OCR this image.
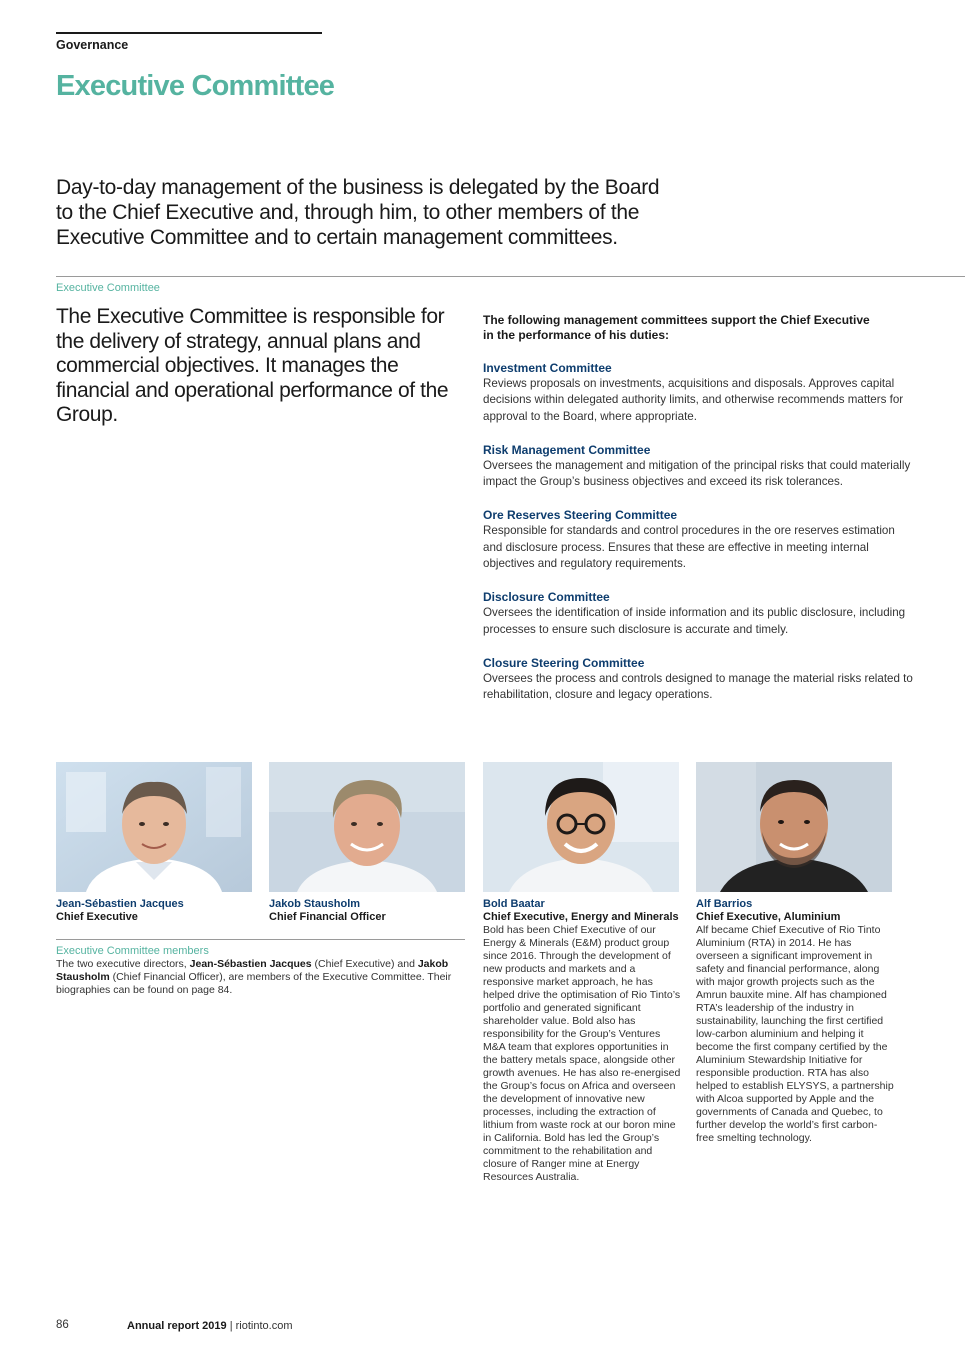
Governance
Executive Committee

Day-to-day management of the business is delegated by the Board to the Chief Executive and, through him, to other members of the Executive Committee and to certain management committees.

Executive Committee

The Executive Committee is responsible for the delivery of strategy, annual plans and commercial objectives. It manages the financial and operational performance of the Group.

The following management committees support the Chief Executive in the performance of his duties:
Investment Committee
Reviews proposals on investments, acquisitions and disposals. Approves capital decisions within delegated authority limits, and otherwise recommends matters for approval to the Board, where appropriate.
Risk Management Committee
Oversees the management and mitigation of the principal risks that could materially impact the Group’s business objectives and exceed its risk tolerances.
Ore Reserves Steering Committee
Responsible for standards and control procedures in the ore reserves estimation and disclosure process. Ensures that these are effective in meeting internal objectives and regulatory requirements.
Disclosure Committee
Oversees the identification of inside information and its public disclosure, including processes to ensure such disclosure is accurate and timely.
Closure Steering Committee
Oversees the process and controls designed to manage the material risks related to rehabilitation, closure and legacy operations.
Jean-Sébastien Jacques
Chief Executive
Jakob Stausholm
Chief Financial Officer
Bold Baatar
Chief Executive, Energy and Minerals
Bold has been Chief Executive of our Energy & Minerals (E&M) product group since 2016. Through the development of new products and markets and a responsive market approach, he has helped drive the optimisation of Rio Tinto’s portfolio and generated significant shareholder value. Bold also has responsibility for the Group’s Ventures M&A team that explores opportunities in the battery metals space, alongside other growth avenues. He has also re-energised the Group’s focus on Africa and overseen the development of innovative new processes, including the extraction of lithium from waste rock at our boron mine in California. Bold has led the Group’s commitment to the rehabilitation and closure of Ranger mine at Energy Resources Australia.
Alf Barrios
Chief Executive, Aluminium
Alf became Chief Executive of Rio Tinto Aluminium (RTA) in 2014. He has overseen a significant improvement in safety and financial performance, along with major growth projects such as the Amrun bauxite mine. Alf has championed RTA’s leadership of the industry in sustainability, launching the first certified low-carbon aluminium and helping it become the first company certified by the Aluminium Stewardship Initiative for responsible production. RTA has also helped to establish ELYSYS, a partnership with Alcoa supported by Apple and the governments of Canada and Quebec, to further develop the world’s first carbon-free smelting technology.
Executive Committee members

The two executive directors, Jean-Sébastien Jacques (Chief Executive) and Jakob Stausholm (Chief Financial Officer), are members of the Executive Committee. Their biographies can be found on page 84.

86	Annual report 2019 | riotinto.com
